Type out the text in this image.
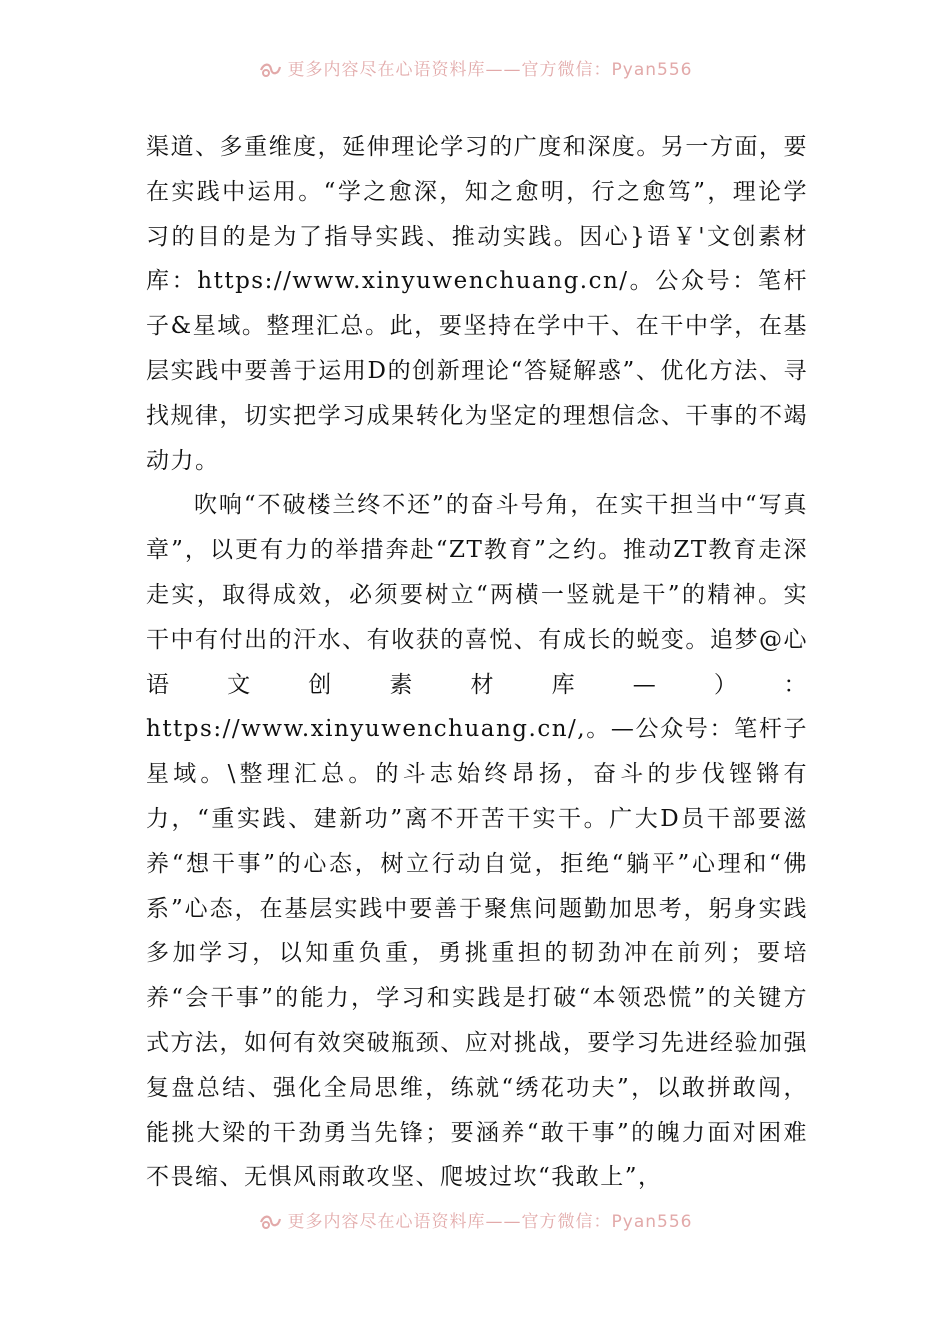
更多内容尽在心语资料库——官方微信：Pyan556

渠道、多重维度，延伸理论学习的广度和深度。另一方面，要在实践中运用。“学之愈深，知之愈明，行之愈笃”，理论学习的目的是为了指导实践、推动实践。因心}语￥'文创素材库：https://www.xinyuwenchuang.cn/。公众号：笔杆子&星域。整理汇总。此，要坚持在学中干、在干中学，在基层实践中要善于运用D的创新理论“答疑解惑”、优化方法、寻找规律，切实把学习成果转化为坚定的理想信念、干事的不竭动力。

吹响“不破楼兰终不还”的奋斗号角，在实干担当中“写真章”，以更有力的举措奔赴“ZT教育”之约。推动ZT教育走深走实，取得成效，必须要树立“两横一竖就是干”的精神。实干中有付出的汗水、有收获的喜悦、有成长的蜕变。追梦@心语文创素材库—）：https://www.xinyuwenchuang.cn/,。—公众号：笔杆子星域。\整理汇总。的斗志始终昂扬，奋斗的步伐铿锵有力，“重实践、建新功”离不开苦干实干。广大D员干部要滋养“想干事”的心态，树立行动自觉，拒绝“躺平”心理和“佛系”心态，在基层实践中要善于聚焦问题勤加思考，躬身实践多加学习，以知重负重，勇挑重担的韧劲冲在前列；要培养“会干事”的能力，学习和实践是打破“本领恐慌”的关键方式方法，如何有效突破瓶颈、应对挑战，要学习先进经验加强复盘总结、强化全局思维，练就“绣花功夫”，以敢拼敢闯，能挑大梁的干劲勇当先锋；要涵养“敢干事”的魄力面对困难不畏缩、无惧风雨敢攻坚、爬坡过坎“我敢上”，

更多内容尽在心语资料库——官方微信：Pyan556
